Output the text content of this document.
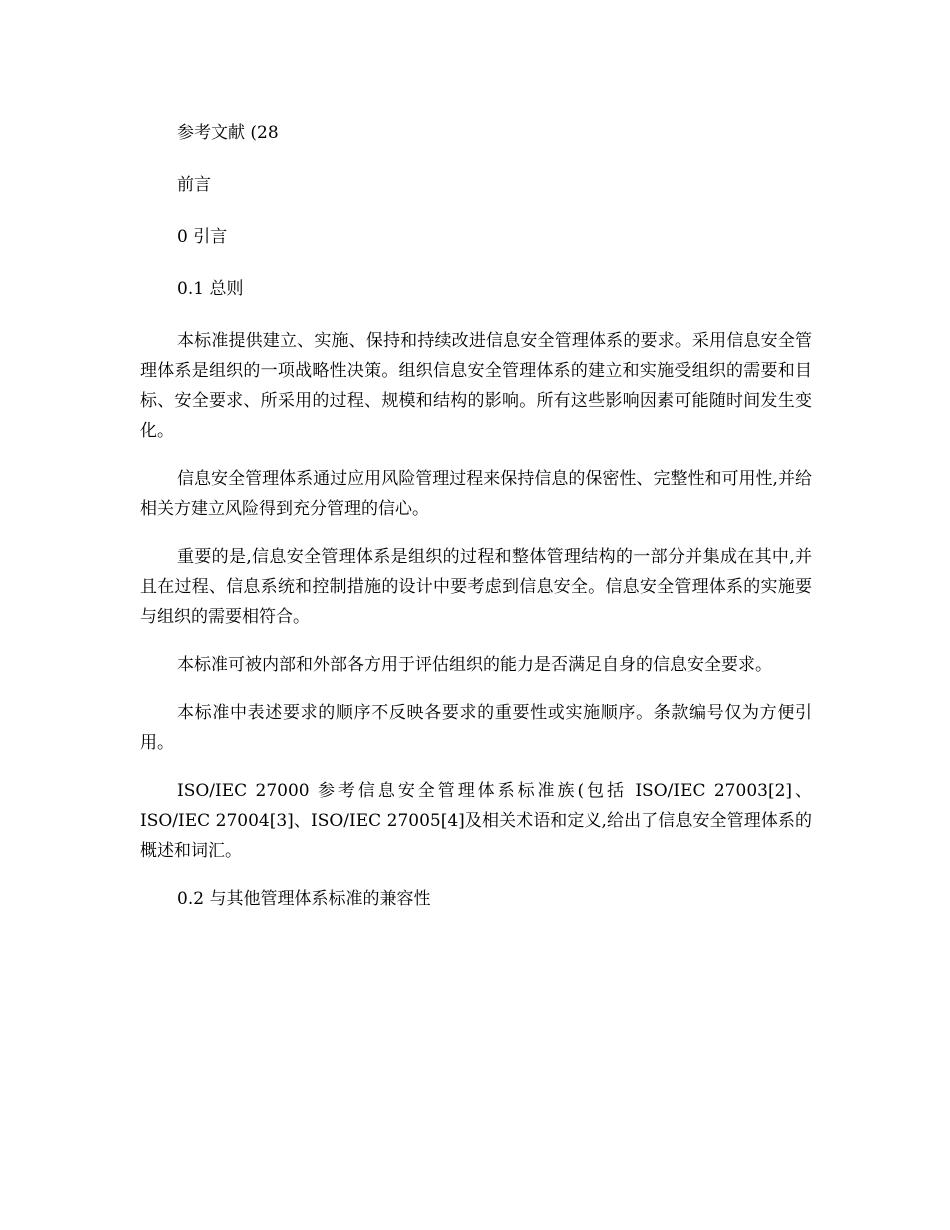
参考文献 (28

前言

0 引言

0.1 总则

本标准提供建立、实施、保持和持续改进信息安全管理体系的要求。采用信息安全管理体系是组织的一项战略性决策。组织信息安全管理体系的建立和实施受组织的需要和目标、安全要求、所采用的过程、规模和结构的影响。所有这些影响因素可能随时间发生变化。

信息安全管理体系通过应用风险管理过程来保持信息的保密性、完整性和可用性,并给相关方建立风险得到充分管理的信心。

重要的是,信息安全管理体系是组织的过程和整体管理结构的一部分并集成在其中,并且在过程、信息系统和控制措施的设计中要考虑到信息安全。信息安全管理体系的实施要与组织的需要相符合。

本标准可被内部和外部各方用于评估组织的能力是否满足自身的信息安全要求。

本标准中表述要求的顺序不反映各要求的重要性或实施顺序。条款编号仅为方便引用。

ISO/IEC 27000 参考信息安全管理体系标准族(包括 ISO/IEC 27003[2]、ISO/IEC 27004[3]、ISO/IEC 27005[4]及相关术语和定义,给出了信息安全管理体系的概述和词汇。

0.2 与其他管理体系标准的兼容性
